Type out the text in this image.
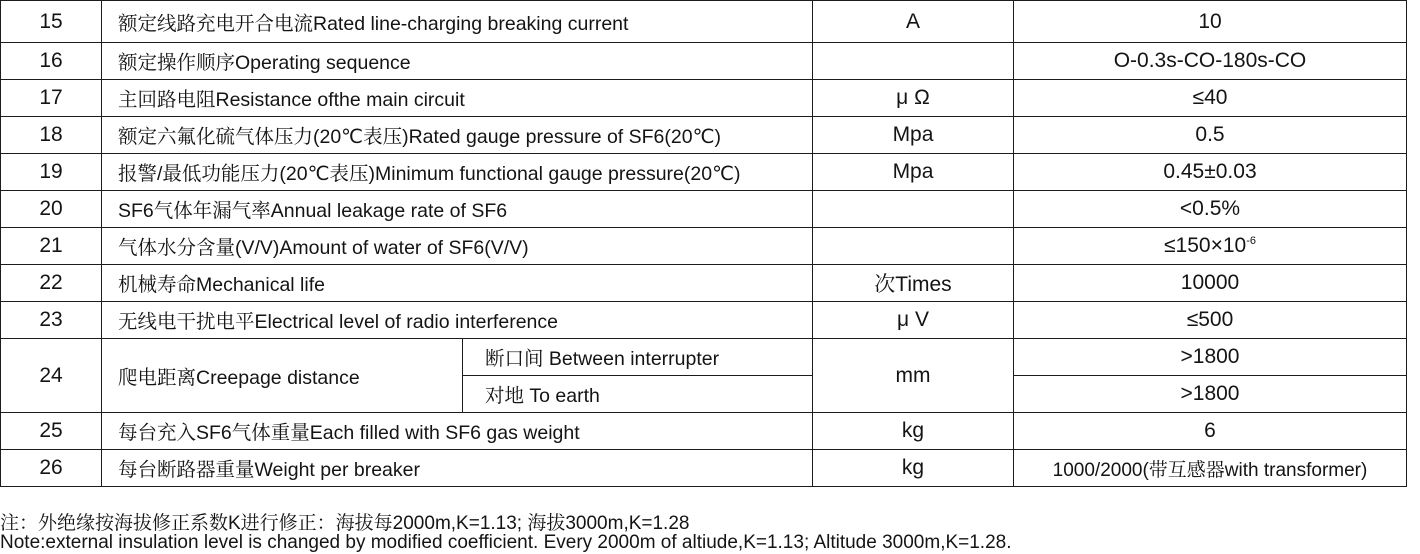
15	额定线路充电开合电流Rated line-charging breaking current		A	10
16	额定操作顺序Operating sequence			O-0.3s-CO-180s-CO
17	主回路电阻Resistance ofthe main circuit		μ Ω	≤40
18	额定六氟化硫气体压力(20℃表压)Rated gauge pressure of SF6(20℃)		Mpa	0.5
19	报警/最低功能压力(20℃表压)Minimum functional gauge pressure(20℃)		Mpa	0.45±0.03
20	SF6气体年漏气率Annual leakage rate of SF6			<0.5%
21	气体水分含量(V/V)Amount of water of SF6(V/V)			$\le 150\times 10^{-6}$
22	机械寿命Mechanical life		次Times	10000
23	无线电干扰电平Electrical level of radio interference		μ V	≤500
24	爬电距离Creepage distance	断口间 Between interrupter	mm	>1800
		对地 To earth		>1800
25	每台充入SF6气体重量Each filled with SF6 gas weight		kg	6
26	每台断路器重量Weight per breaker		kg	1000/2000(带互感器with transformer)
注：外绝缘按海拔修正系数K进行修正：海拔每2000m,K=1.13; 海拔3000m,K=1.28
Note:external insulation level is changed by modified coefficient. Every 2000m of altiude,K=1.13; Altitude 3000m,K=1.28.
